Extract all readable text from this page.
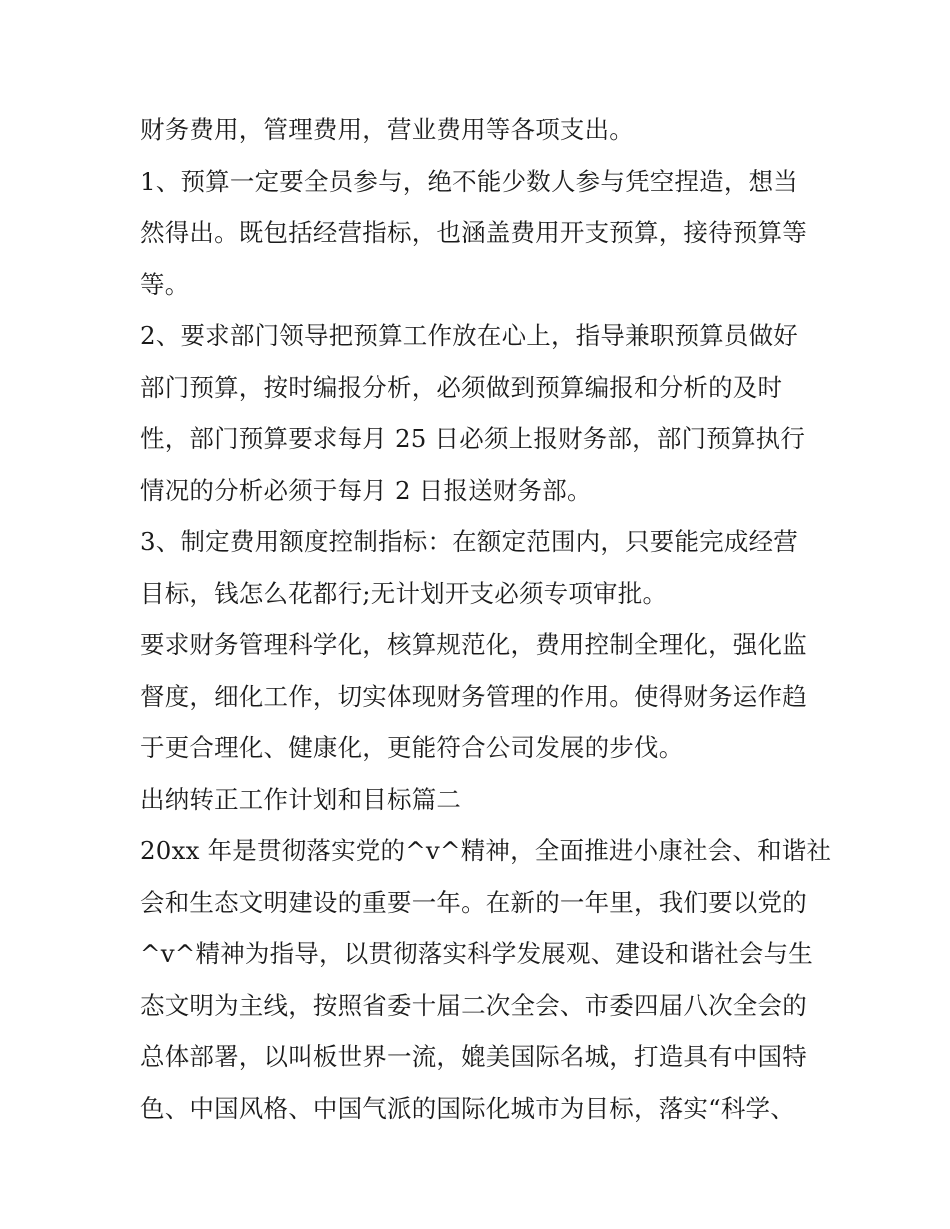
财务费用，管理费用，营业费用等各项支出。

1、预算一定要全员参与，绝不能少数人参与凭空捏造，想当

然得出。既包括经营指标，也涵盖费用开支预算，接待预算等

等。

2、要求部门领导把预算工作放在心上，指导兼职预算员做好

部门预算，按时编报分析，必须做到预算编报和分析的及时

性，部门预算要求每月 25 日必须上报财务部，部门预算执行

情况的分析必须于每月 2 日报送财务部。

3、制定费用额度控制指标：在额定范围内，只要能完成经营

目标，钱怎么花都行;无计划开支必须专项审批。

要求财务管理科学化，核算规范化，费用控制全理化，强化监

督度，细化工作，切实体现财务管理的作用。使得财务运作趋

于更合理化、健康化，更能符合公司发展的步伐。

出纳转正工作计划和目标篇二

20xx 年是贯彻落实党的^v^精神，全面推进小康社会、和谐社

会和生态文明建设的重要一年。在新的一年里，我们要以党的

^v^精神为指导，以贯彻落实科学发展观、建设和谐社会与生

态文明为主线，按照省委十届二次全会、市委四届八次全会的

总体部署，以叫板世界一流，媲美国际名城，打造具有中国特

色、中国风格、中国气派的国际化城市为目标，落实“科学、
